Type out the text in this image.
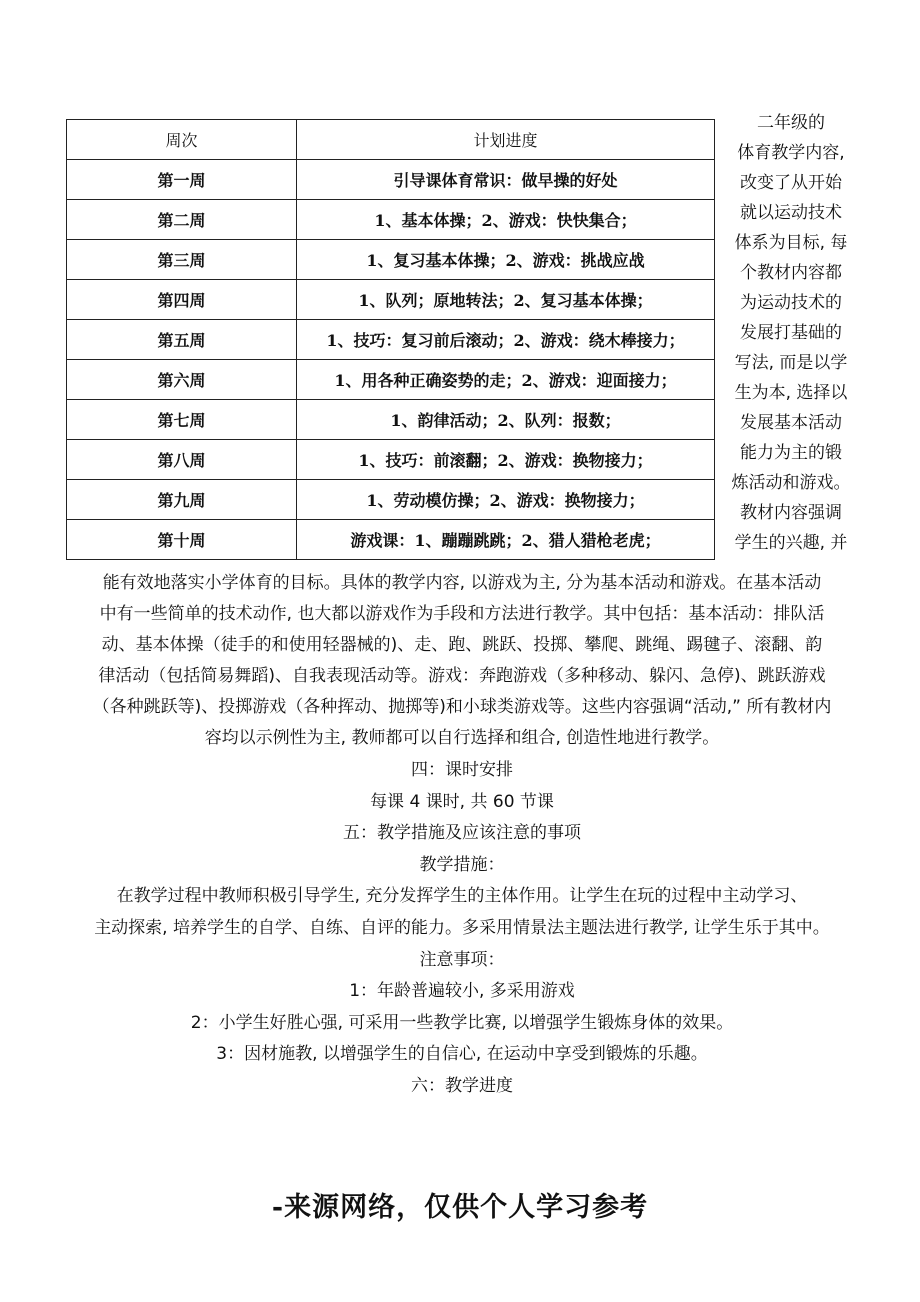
周次	计划进度
第一周	引导课体育常识：做早操的好处
第二周	1、基本体操；2、游戏：快快集合；
第三周	1、复习基本体操；2、游戏：挑战应战
第四周	1、队列；原地转法；2、复习基本体操；
第五周	1、技巧：复习前后滚动；2、游戏：绕木棒接力；
第六周	1、用各种正确姿势的走；2、游戏：迎面接力；
第七周	1、韵律活动；2、队列：报数；
第八周	1、技巧：前滚翻；2、游戏：换物接力；
第九周	1、劳动模仿操；2、游戏：换物接力；
第十周	游戏课：1、蹦蹦跳跳；2、猎人猎枪老虎；
二年级的
体育教学内容,
改变了从开始
就以运动技术
体系为目标, 每
个教材内容都
为运动技术的
发展打基础的
写法, 而是以学
生为本, 选择以
发展基本活动
能力为主的锻
炼活动和游戏。
教材内容强调
学生的兴趣, 并
能有效地落实小学体育的目标。具体的教学内容, 以游戏为主, 分为基本活动和游戏。在基本活动
中有一些简单的技术动作, 也大都以游戏作为手段和方法进行教学。其中包括：基本活动：排队活
动、基本体操（徒手的和使用轻器械的)、走、跑、跳跃、投掷、攀爬、跳绳、踢毽子、滚翻、韵
律活动（包括简易舞蹈)、自我表现活动等。游戏：奔跑游戏（多种移动、躲闪、急停)、跳跃游戏
（各种跳跃等)、投掷游戏（各种挥动、抛掷等)和小球类游戏等。这些内容强调“活动,” 所有教材内
容均以示例性为主, 教师都可以自行选择和组合, 创造性地进行教学。
四：课时安排
每课 4 课时, 共 60 节课
五：教学措施及应该注意的事项
教学措施：
在教学过程中教师积极引导学生, 充分发挥学生的主体作用。让学生在玩的过程中主动学习、
主动探索, 培养学生的自学、自练、自评的能力。多采用情景法主题法进行教学, 让学生乐于其中。
注意事项：
1：年龄普遍较小, 多采用游戏
2：小学生好胜心强, 可采用一些教学比赛, 以增强学生锻炼身体的效果。
3：因材施教, 以增强学生的自信心, 在运动中享受到锻炼的乐趣。
六：教学进度
-来源网络，仅供个人学习参考
